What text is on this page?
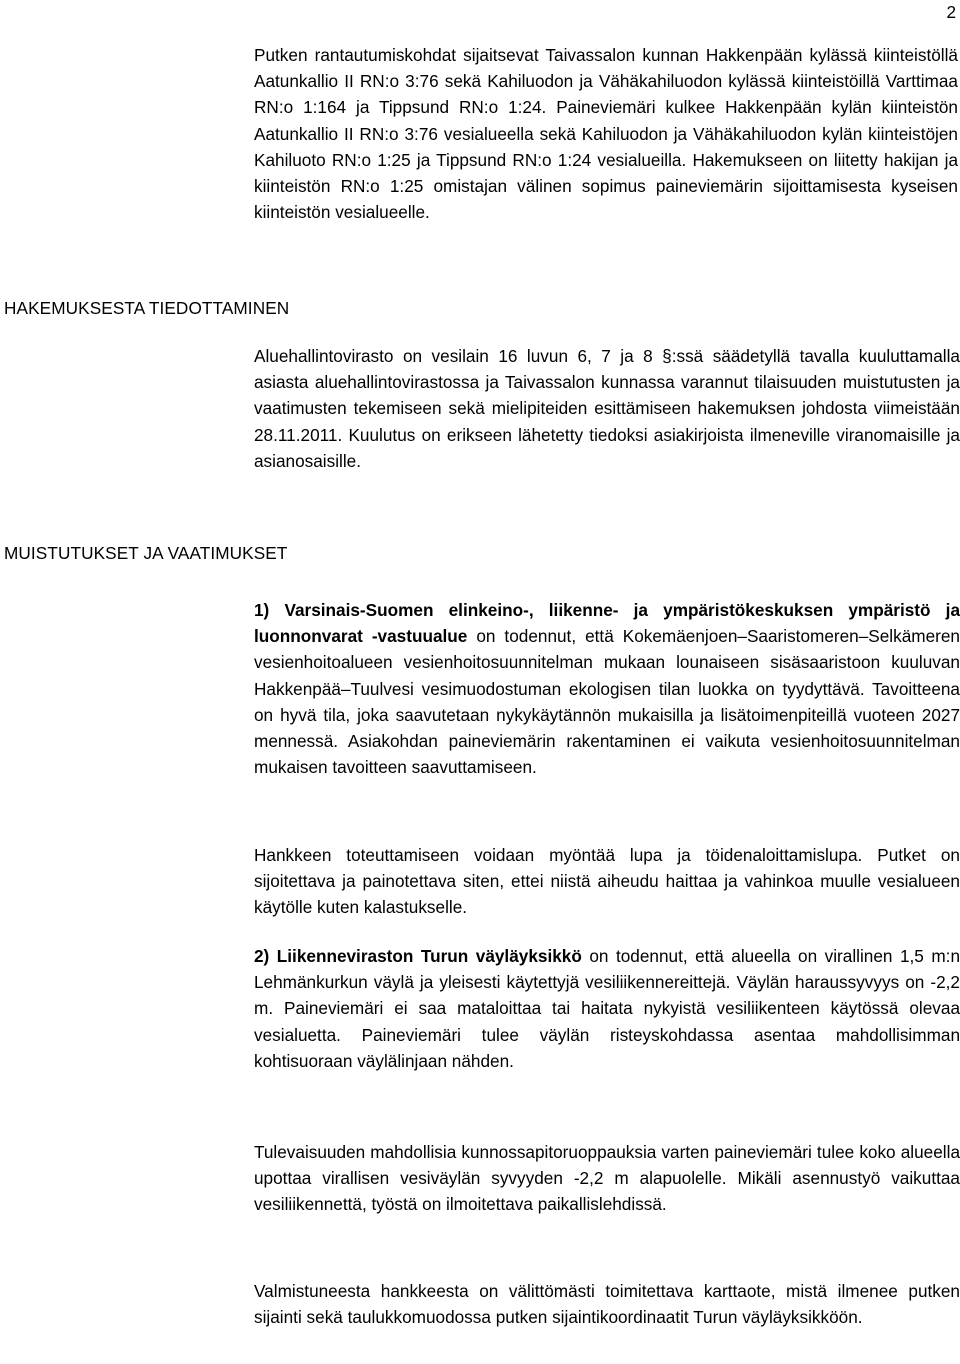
2

Putken rantautumiskohdat sijaitsevat Taivassalon kunnan Hakkenpään kylässä kiinteistöllä Aatunkallio II RN:o 3:76 sekä Kahiluodon ja Vähäkahiluodon kylässä kiinteistöillä Varttimaa RN:o 1:164 ja Tippsund RN:o 1:24. Paineviemäri kulkee Hakkenpään kylän kiinteistön Aatunkallio II RN:o 3:76 vesialueella sekä Kahiluodon ja Vähäkahiluodon kylän kiinteistöjen Kahiluoto RN:o 1:25 ja Tippsund RN:o 1:24 vesialueilla. Hakemukseen on liitetty hakijan ja kiinteistön RN:o 1:25 omistajan välinen sopimus paineviemärin sijoittamisesta kyseisen kiinteistön vesialueelle.

HAKEMUKSESTA TIEDOTTAMINEN

Aluehallintovirasto on vesilain 16 luvun 6, 7 ja 8 §:ssä säädetyllä tavalla kuuluttamalla asiasta aluehallintovirastossa ja Taivassalon kunnassa varannut tilaisuuden muistutusten ja vaatimusten tekemiseen sekä mielipiteiden esittämiseen hakemuksen johdosta viimeistään 28.11.2011. Kuulutus on erikseen lähetetty tiedoksi asiakirjoista ilmeneville viranomaisille ja asianosaisille.

MUISTUTUKSET JA VAATIMUKSET

1) Varsinais-Suomen elinkeino-, liikenne- ja ympäristökeskuksen ympäristö ja luonnonvarat -vastuualue on todennut, että Kokemäenjoen–Saaristomeren–Selkämeren vesienhoitoalueen vesienhoitosuunnitelman mukaan lounaiseen sisäsaaristoon kuuluvan Hakkenpää–Tuulvesi vesimuodostuman ekologisen tilan luokka on tyydyttävä. Tavoitteena on hyvä tila, joka saavutetaan nykykäytännön mukaisilla ja lisätoimenpiteillä vuoteen 2027 mennessä. Asiakohdan paineviemärin rakentaminen ei vaikuta vesienhoitosuunnitelman mukaisen tavoitteen saavuttamiseen.

Hankkeen toteuttamiseen voidaan myöntää lupa ja töidenaloittamislupa. Putket on sijoitettava ja painotettava siten, ettei niistä aiheudu haittaa ja vahinkoa muulle vesialueen käytölle kuten kalastukselle.

2) Liikenneviraston Turun väyläyksikkö on todennut, että alueella on virallinen 1,5 m:n Lehmänkurkun väylä ja yleisesti käytettyjä vesiliikennereittejä. Väylän haraussyvyys on -2,2 m. Paineviemäri ei saa mataloittaa tai haitata nykyistä vesiliikenteen käytössä olevaa vesialuetta. Paineviemäri tulee väylän risteyskohdassa asentaa mahdollisimman kohtisuoraan väylälinjaan nähden.

Tulevaisuuden mahdollisia kunnossapitoruoppauksia varten paineviemäri tulee koko alueella upottaa virallisen vesiväylän syvyyden -2,2 m alapuolelle. Mikäli asennustyö vaikuttaa vesiliikennettä, työstä on ilmoitettava paikallislehdissä.

Valmistuneesta hankkeesta on välittömästi toimitettava karttaote, mistä ilmenee putken sijainti sekä taulukkomuodossa putken sijaintikoordinaatit Turun väyläyksikköön.
